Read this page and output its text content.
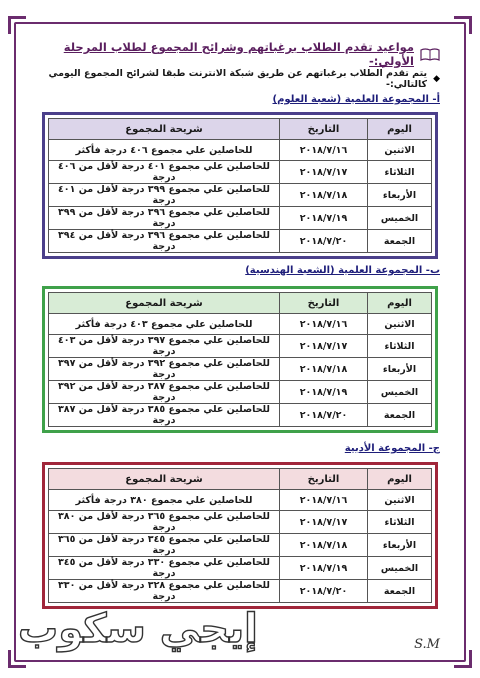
مواعيد تقدم الطلاب برغباتهم وشرائح المجموع لطلاب المرحلة الأولي:-
◆
يتم تقدم الطلاب برغباتهم عن طريق شبكة الانترنت طبقا لشرائح المجموع اليومي كالتالي:-
أ- المجموعة العلمية (شعبة العلوم)
اليوم	التاريخ	شريحة المجموع
الاثنين	٢٠١٨/٧/١٦	للحاصلين علي مجموع ٤٠٦ درجة فأكثر
الثلاثاء	٢٠١٨/٧/١٧	للحاصلين علي مجموع ٤٠١ درجة لأقل من ٤٠٦ درجة
الأربعاء	٢٠١٨/٧/١٨	للحاصلين علي مجموع ٣٩٩ درجة لأقل من ٤٠١ درجة
الخميس	٢٠١٨/٧/١٩	للحاصلين علي مجموع ٣٩٦ درجة لأقل من ٣٩٩ درجة
الجمعة	٢٠١٨/٧/٢٠	للحاصلين علي مجموع ٣٩٦ درجة لأقل من ٣٩٤ درجة
ب- المجموعة العلمية (الشعبة الهندسية)
اليوم	التاريخ	شريحة المجموع
الاثنين	٢٠١٨/٧/١٦	للحاصلين علي مجموع ٤٠٣ درجة فأكثر
الثلاثاء	٢٠١٨/٧/١٧	للحاصلين علي مجموع ٣٩٧ درجة لأقل من ٤٠٣ درجة
الأربعاء	٢٠١٨/٧/١٨	للحاصلين علي مجموع ٣٩٢ درجة لأقل من ٣٩٧ درجة
الخميس	٢٠١٨/٧/١٩	للحاصلين علي مجموع ٣٨٧ درجة لأقل من ٣٩٢ درجة
الجمعة	٢٠١٨/٧/٢٠	للحاصلين علي مجموع ٣٨٥ درجة لأقل من ٣٨٧ درجة
ج- المجموعة الأدبية
اليوم	التاريخ	شريحة المجموع
الاثنين	٢٠١٨/٧/١٦	للحاصلين علي مجموع ٣٨٠ درجة فأكثر
الثلاثاء	٢٠١٨/٧/١٧	للحاصلين علي مجموع ٣٦٥ درجة لأقل من ٣٨٠ درجة
الأربعاء	٢٠١٨/٧/١٨	للحاصلين علي مجموع ٣٤٥ درجة لأقل من ٣٦٥ درجة
الخميس	٢٠١٨/٧/١٩	للحاصلين علي مجموع ٣٣٠ درجة لأقل من ٣٤٥ درجة
الجمعة	٢٠١٨/٧/٢٠	للحاصلين علي مجموع ٣٢٨ درجة لأقل من ٣٣٠ درجة
إيجي سكوب	S.M
